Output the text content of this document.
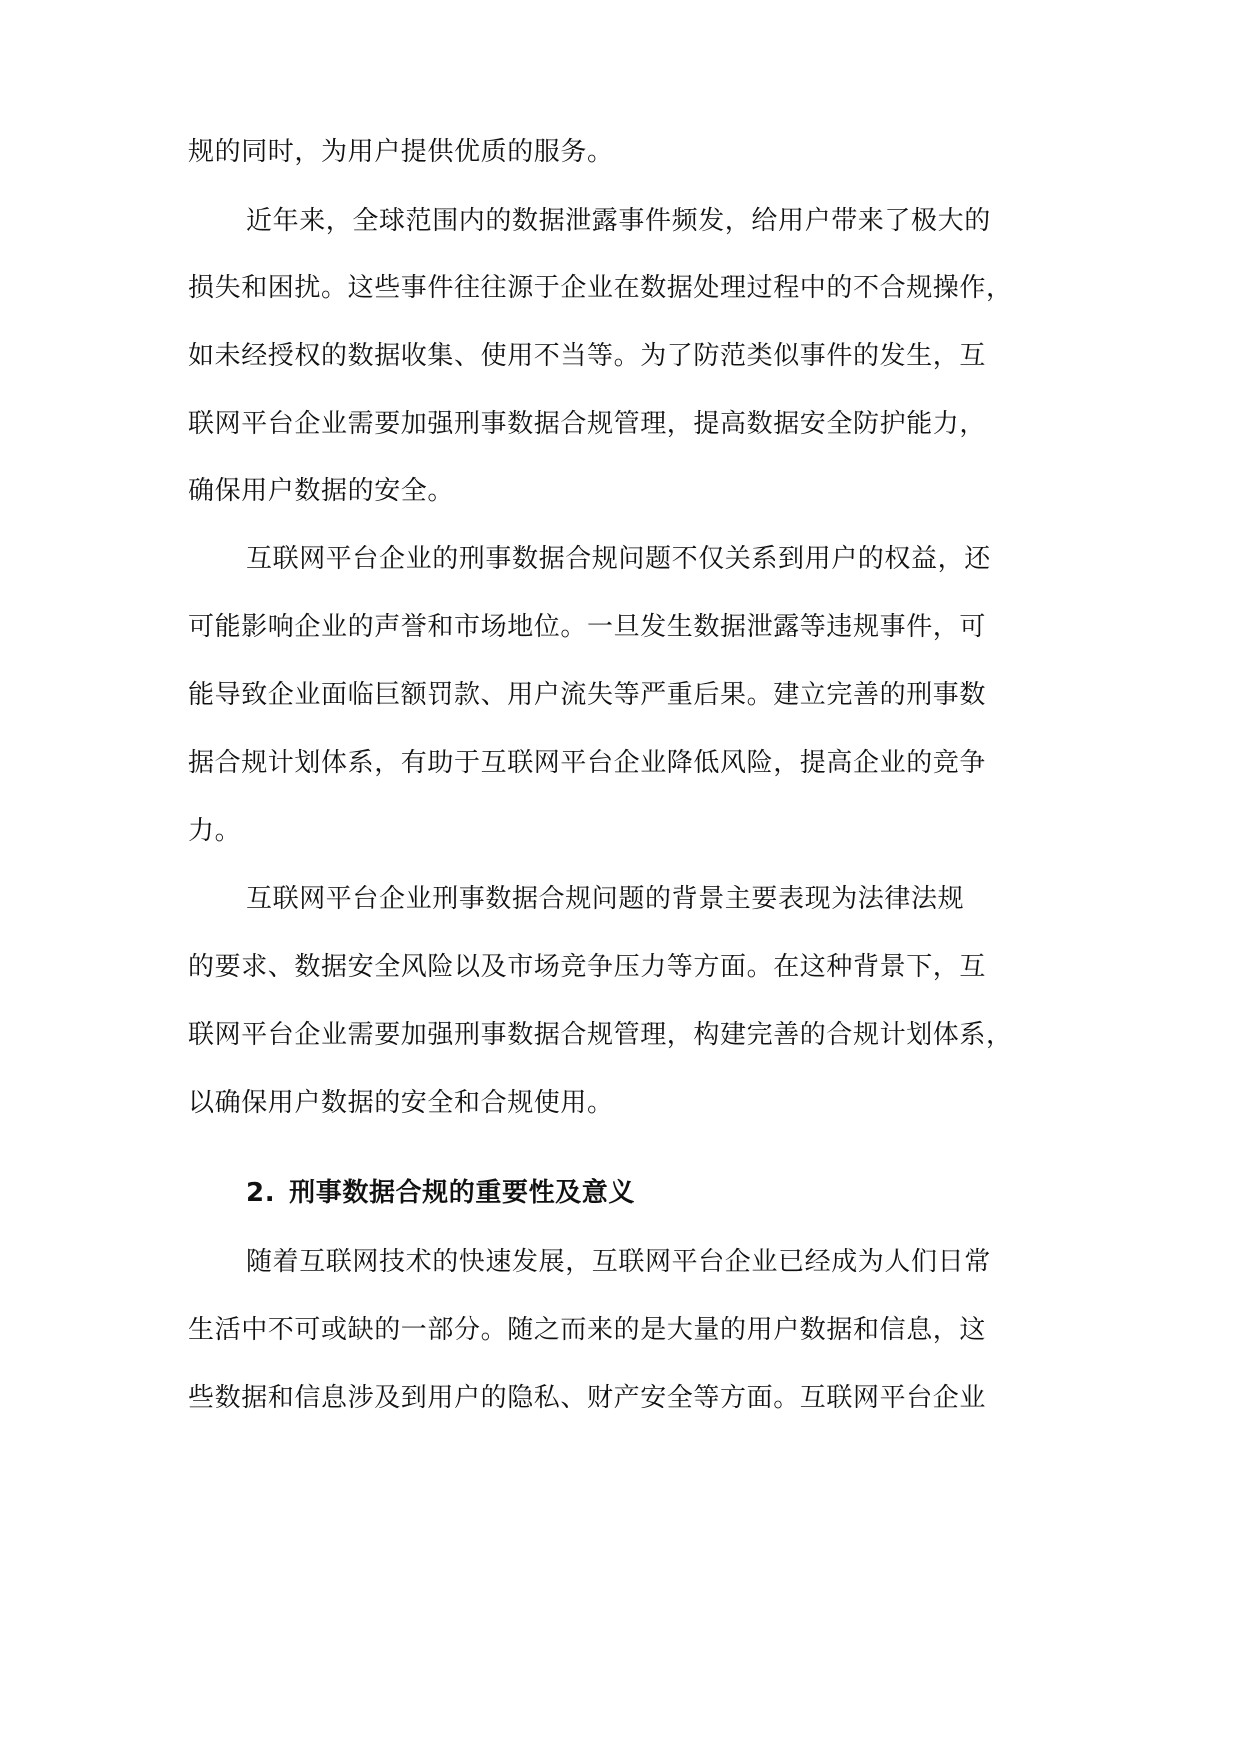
规的同时，为用户提供优质的服务。
近年来，全球范围内的数据泄露事件频发，给用户带来了极大的
损失和困扰。这些事件往往源于企业在数据处理过程中的不合规操作，
如未经授权的数据收集、使用不当等。为了防范类似事件的发生，互
联网平台企业需要加强刑事数据合规管理，提高数据安全防护能力，
确保用户数据的安全。
互联网平台企业的刑事数据合规问题不仅关系到用户的权益，还
可能影响企业的声誉和市场地位。一旦发生数据泄露等违规事件，可
能导致企业面临巨额罚款、用户流失等严重后果。建立完善的刑事数
据合规计划体系，有助于互联网平台企业降低风险，提高企业的竞争
力。
互联网平台企业刑事数据合规问题的背景主要表现为法律法规
的要求、数据安全风险以及市场竞争压力等方面。在这种背景下，互
联网平台企业需要加强刑事数据合规管理，构建完善的合规计划体系，
以确保用户数据的安全和合规使用。
2. 刑事数据合规的重要性及意义
随着互联网技术的快速发展，互联网平台企业已经成为人们日常
生活中不可或缺的一部分。随之而来的是大量的用户数据和信息，这
些数据和信息涉及到用户的隐私、财产安全等方面。互联网平台企业
